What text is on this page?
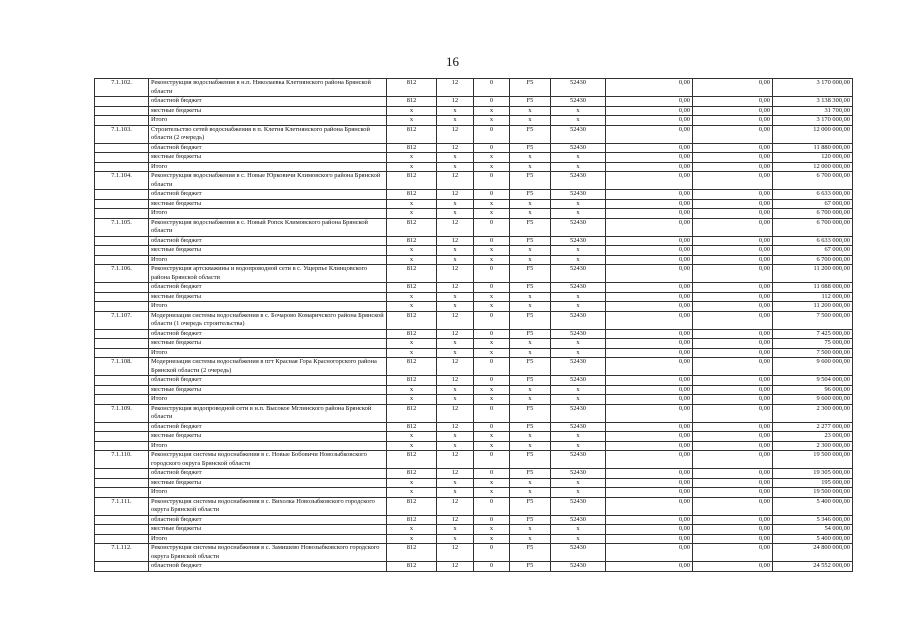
16
7.1.102.	Реконструкция водоснабжения в н.п. Николаевка Клетнянского района Брянской области	812	12	0	F5	52430	0,00	0,00	3 170 000,00
	областной бюджет	812	12	0	F5	52430	0,00	0,00	3 138 300,00
	местные бюджеты	x	x	x	x	x	0,00	0,00	31 700,00
	Итого	x	x	x	x	x	0,00	0,00	3 170 000,00
7.1.103.	Строительство сетей водоснабжения в п. Клетня Клетнянского района Брянской области (2 очередь)	812	12	0	F5	52430	0,00	0,00	12 000 000,00
	областной бюджет	812	12	0	F5	52430	0,00	0,00	11 880 000,00
	местные бюджеты	x	x	x	x	x	0,00	0,00	120 000,00
	Итого	x	x	x	x	x	0,00	0,00	12 000 000,00
7.1.104.	Реконструкция водоснабжения в с. Новые Юрковичи Климовского района Брянской области	812	12	0	F5	52430	0,00	0,00	6 700 000,00
	областной бюджет	812	12	0	F5	52430	0,00	0,00	6 633 000,00
	местные бюджеты	x	x	x	x	x	0,00	0,00	67 000,00
	Итого	x	x	x	x	x	0,00	0,00	6 700 000,00
7.1.105.	Реконструкция водоснабжения в с. Новый Ропск Климовского района Брянской области	812	12	0	F5	52430	0,00	0,00	6 700 000,00
	областной бюджет	812	12	0	F5	52430	0,00	0,00	6 633 000,00
	местные бюджеты	x	x	x	x	x	0,00	0,00	67 000,00
	Итого	x	x	x	x	x	0,00	0,00	6 700 000,00
7.1.106.	Реконструкция артскважины и водопроводной сети в с. Ущерпье Клинцовского района Брянской области	812	12	0	F5	52430	0,00	0,00	11 200 000,00
	областной бюджет	812	12	0	F5	52430	0,00	0,00	11 088 000,00
	местные бюджеты	x	x	x	x	x	0,00	0,00	112 000,00
	Итого	x	x	x	x	x	0,00	0,00	11 200 000,00
7.1.107.	Модернизация системы водоснабжения в с. Бочарово Комаричского района Брянской области (1 очередь строительства)	812	12	0	F5	52430	0,00	0,00	7 500 000,00
	областной бюджет	812	12	0	F5	52430	0,00	0,00	7 425 000,00
	местные бюджеты	x	x	x	x	x	0,00	0,00	75 000,00
	Итого	x	x	x	x	x	0,00	0,00	7 500 000,00
7.1.108.	Модернизация системы водоснабжения в пгт Красная Гора Красногорского района Брянской области (2 очередь)	812	12	0	F5	52430	0,00	0,00	9 600 000,00
	областной бюджет	812	12	0	F5	52430	0,00	0,00	9 504 000,00
	местные бюджеты	x	x	x	x	x	0,00	0,00	96 000,00
	Итого	x	x	x	x	x	0,00	0,00	9 600 000,00
7.1.109.	Реконструкция водопроводной сети в н.п. Высокое Мглинского района Брянской области	812	12	0	F5	52430	0,00	0,00	2 300 000,00
	областной бюджет	812	12	0	F5	52430	0,00	0,00	2 277 000,00
	местные бюджеты	x	x	x	x	x	0,00	0,00	23 000,00
	Итого	x	x	x	x	x	0,00	0,00	2 300 000,00
7.1.110.	Реконструкция системы водоснабжения в с. Новые Бобовичи Новозыбковского городского округа Брянской области	812	12	0	F5	52430	0,00	0,00	19 500 000,00
	областной бюджет	812	12	0	F5	52430	0,00	0,00	19 305 000,00
	местные бюджеты	x	x	x	x	x	0,00	0,00	195 000,00
	Итого	x	x	x	x	x	0,00	0,00	19 500 000,00
7.1.111.	Реконструкция системы водоснабжения в с. Вихолка Новозыбковского городского округа Брянской области	812	12	0	F5	52430	0,00	0,00	5 400 000,00
	областной бюджет	812	12	0	F5	52430	0,00	0,00	5 346 000,00
	местные бюджеты	x	x	x	x	x	0,00	0,00	54 000,00
	Итого	x	x	x	x	x	0,00	0,00	5 400 000,00
7.1.112.	Реконструкция системы водоснабжения в с. Замишево Новозыбковского городского округа Брянской области	812	12	0	F5	52430	0,00	0,00	24 800 000,00
	областной бюджет	812	12	0	F5	52430	0,00	0,00	24 552 000,00
